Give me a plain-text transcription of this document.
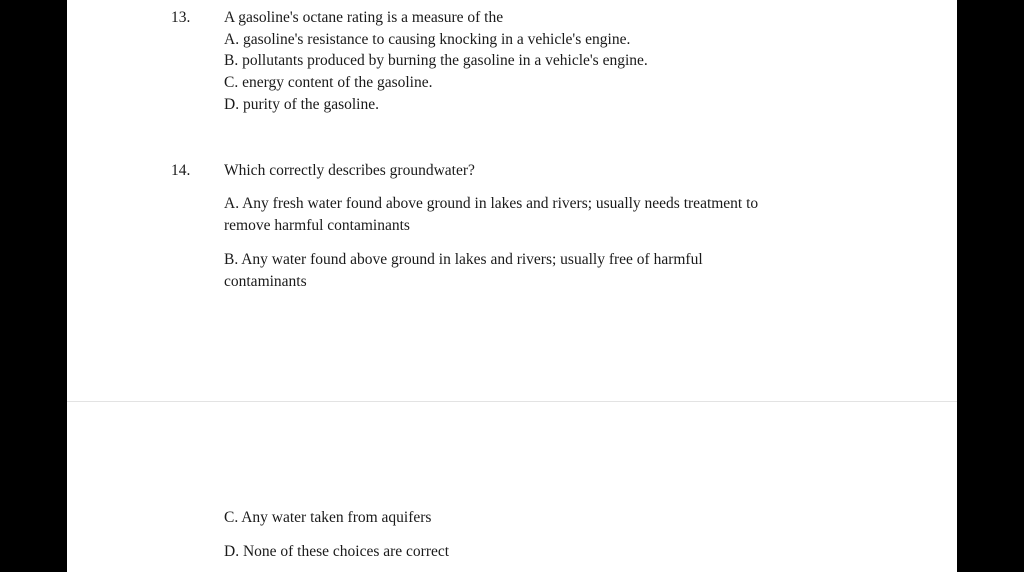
13. A gasoline's octane rating is a measure of the
A. gasoline's resistance to causing knocking in a vehicle's engine.
B. pollutants produced by burning the gasoline in a vehicle's engine.
C. energy content of the gasoline.
D. purity of the gasoline.
14. Which correctly describes groundwater?
A. Any fresh water found above ground in lakes and rivers; usually needs treatment to
remove harmful contaminants
B. Any water found above ground in lakes and rivers; usually free of harmful
contaminants
C. Any water taken from aquifers
D. None of these choices are correct
